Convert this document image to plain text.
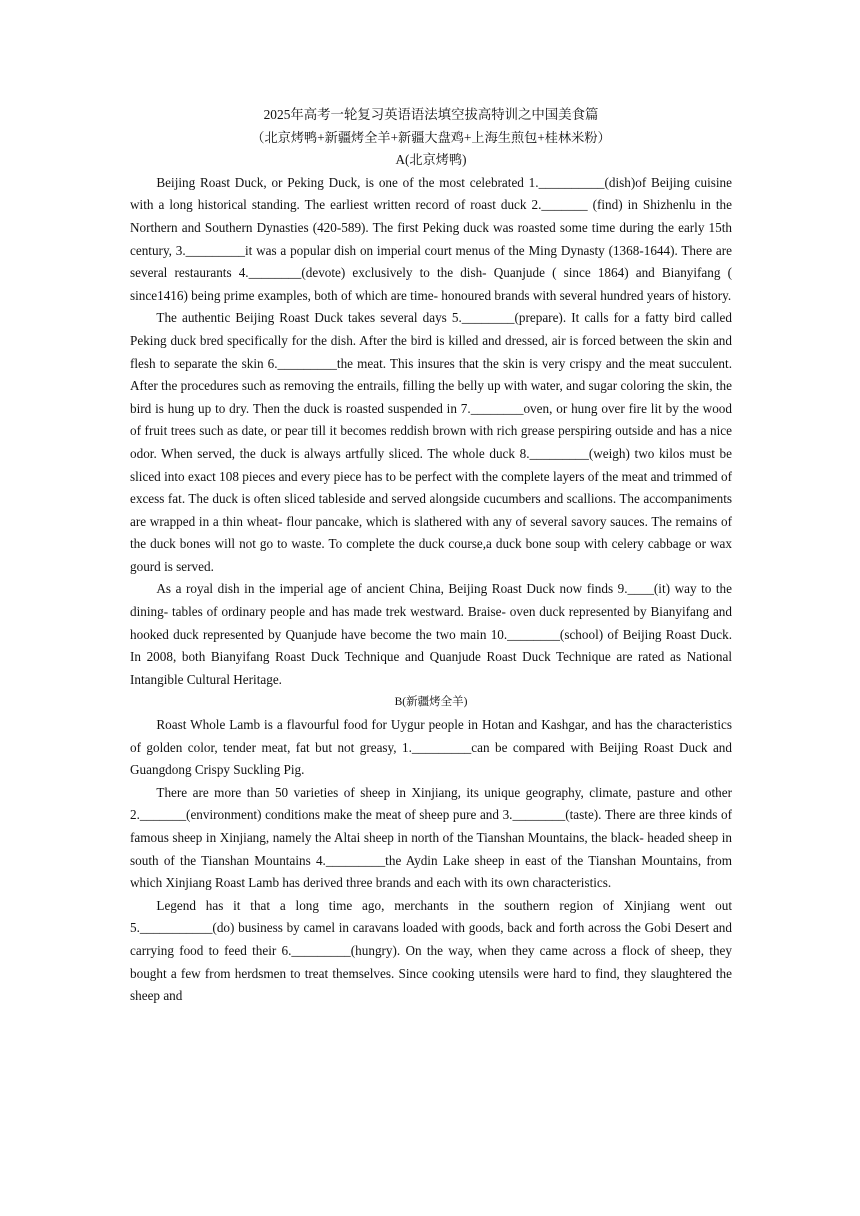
2025年高考一轮复习英语语法填空拔高特训之中国美食篇
（北京烤鸭+新疆烤全羊+新疆大盘鸡+上海生煎包+桂林米粉）
A(北京烤鸭)

Beijing Roast Duck, or Peking Duck, is one of the most celebrated 1.__________(dish)of Beijing cuisine with a long historical standing. The earliest written record of roast duck 2._______ (find) in Shizhenlu in the Northern and Southern Dynasties (420-589). The first Peking duck was roasted some time during the early 15th century, 3._________it was a popular dish on imperial court menus of the Ming Dynasty (1368-1644). There are several restaurants 4.________(devote) exclusively to the dish- Quanjude ( since 1864) and Bianyifang ( since1416) being prime examples, both of which are time- honoured brands with several hundred years of history.

The authentic Beijing Roast Duck takes several days 5.________(prepare). It calls for a fatty bird called Peking duck bred specifically for the dish. After the bird is killed and dressed, air is forced between the skin and flesh to separate the skin 6._________the meat. This insures that the skin is very crispy and the meat succulent. After the procedures such as removing the entrails, filling the belly up with water, and sugar coloring the skin, the bird is hung up to dry. Then the duck is roasted suspended in 7.________oven, or hung over fire lit by the wood of fruit trees such as date, or pear till it becomes reddish brown with rich grease perspiring outside and has a nice odor. When served, the duck is always artfully sliced. The whole duck 8._________(weigh) two kilos must be sliced into exact 108 pieces and every piece has to be perfect with the complete layers of the meat and trimmed of excess fat. The duck is often sliced tableside and served alongside cucumbers and scallions. The accompaniments are wrapped in a thin wheat- flour pancake, which is slathered with any of several savory sauces. The remains of the duck bones will not go to waste. To complete the duck course,a duck bone soup with celery cabbage or wax gourd is served.

As a royal dish in the imperial age of ancient China, Beijing Roast Duck now finds 9.____(it) way to the dining- tables of ordinary people and has made trek westward. Braise- oven duck represented by Bianyifang and hooked duck represented by Quanjude have become the two main 10.________(school) of Beijing Roast Duck. In 2008, both Bianyifang Roast Duck Technique and Quanjude Roast Duck Technique are rated as National Intangible Cultural Heritage.

B(新疆烤全羊)

Roast Whole Lamb is a flavourful food for Uygur people in Hotan and Kashgar, and has the characteristics of golden color, tender meat, fat but not greasy, 1._________can be compared with Beijing Roast Duck and Guangdong Crispy Suckling Pig.

There are more than 50 varieties of sheep in Xinjiang, its unique geography, climate, pasture and other 2._______(environment) conditions make the meat of sheep pure and 3.________(taste). There are three kinds of famous sheep in Xinjiang, namely the Altai sheep in north of the Tianshan Mountains, the black- headed sheep in south of the Tianshan Mountains 4._________the Aydin Lake sheep in east of the Tianshan Mountains, from which Xinjiang Roast Lamb has derived three brands and each with its own characteristics.

Legend has it that a long time ago, merchants in the southern region of Xinjiang went out 5.___________(do) business by camel in caravans loaded with goods, back and forth across the Gobi Desert and carrying food to feed their 6._________(hungry). On the way, when they came across a flock of sheep, they bought a few from herdsmen to treat themselves. Since cooking utensils were hard to find, they slaughtered the sheep and
